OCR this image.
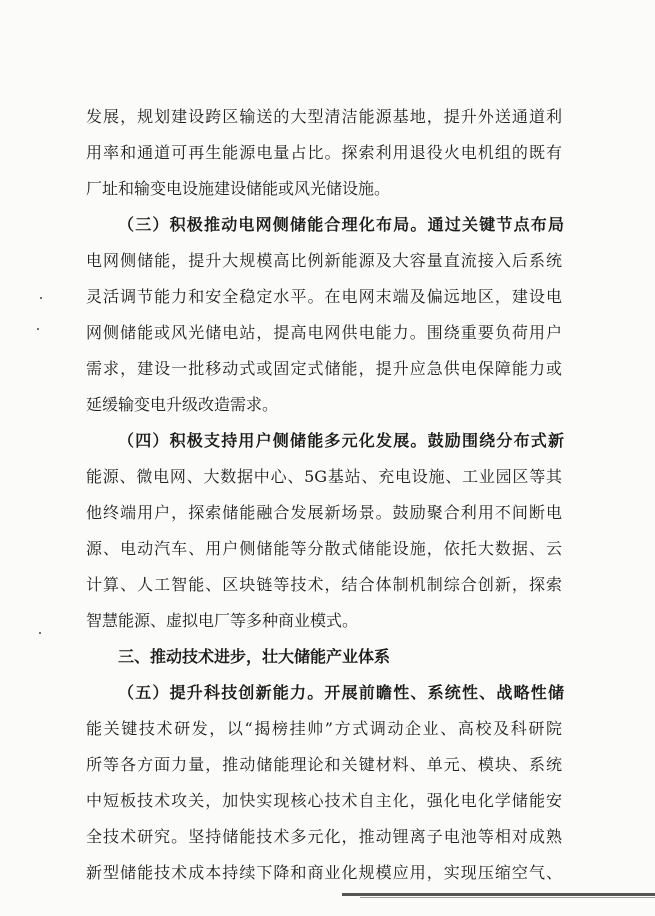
发展，规划建设跨区输送的大型清洁能源基地，提升外送通道利
用率和通道可再生能源电量占比。探索利用退役火电机组的既有
厂址和输变电设施建设储能或风光储设施。
（三）积极推动电网侧储能合理化布局。通过关键节点布局
电网侧储能，提升大规模高比例新能源及大容量直流接入后系统
灵活调节能力和安全稳定水平。在电网末端及偏远地区，建设电
网侧储能或风光储电站，提高电网供电能力。围绕重要负荷用户
需求，建设一批移动式或固定式储能，提升应急供电保障能力或
延缓输变电升级改造需求。
（四）积极支持用户侧储能多元化发展。鼓励围绕分布式新
能源、微电网、大数据中心、5G基站、充电设施、工业园区等其
他终端用户，探索储能融合发展新场景。鼓励聚合利用不间断电
源、电动汽车、用户侧储能等分散式储能设施，依托大数据、云
计算、人工智能、区块链等技术，结合体制机制综合创新，探索
智慧能源、虚拟电厂等多种商业模式。
三、推动技术进步，壮大储能产业体系
（五）提升科技创新能力。开展前瞻性、系统性、战略性储
能关键技术研发，以“揭榜挂帅”方式调动企业、高校及科研院
所等各方面力量，推动储能理论和关键材料、单元、模块、系统
中短板技术攻关，加快实现核心技术自主化，强化电化学储能安
全技术研究。坚持储能技术多元化，推动锂离子电池等相对成熟
新型储能技术成本持续下降和商业化规模应用，实现压缩空气、
